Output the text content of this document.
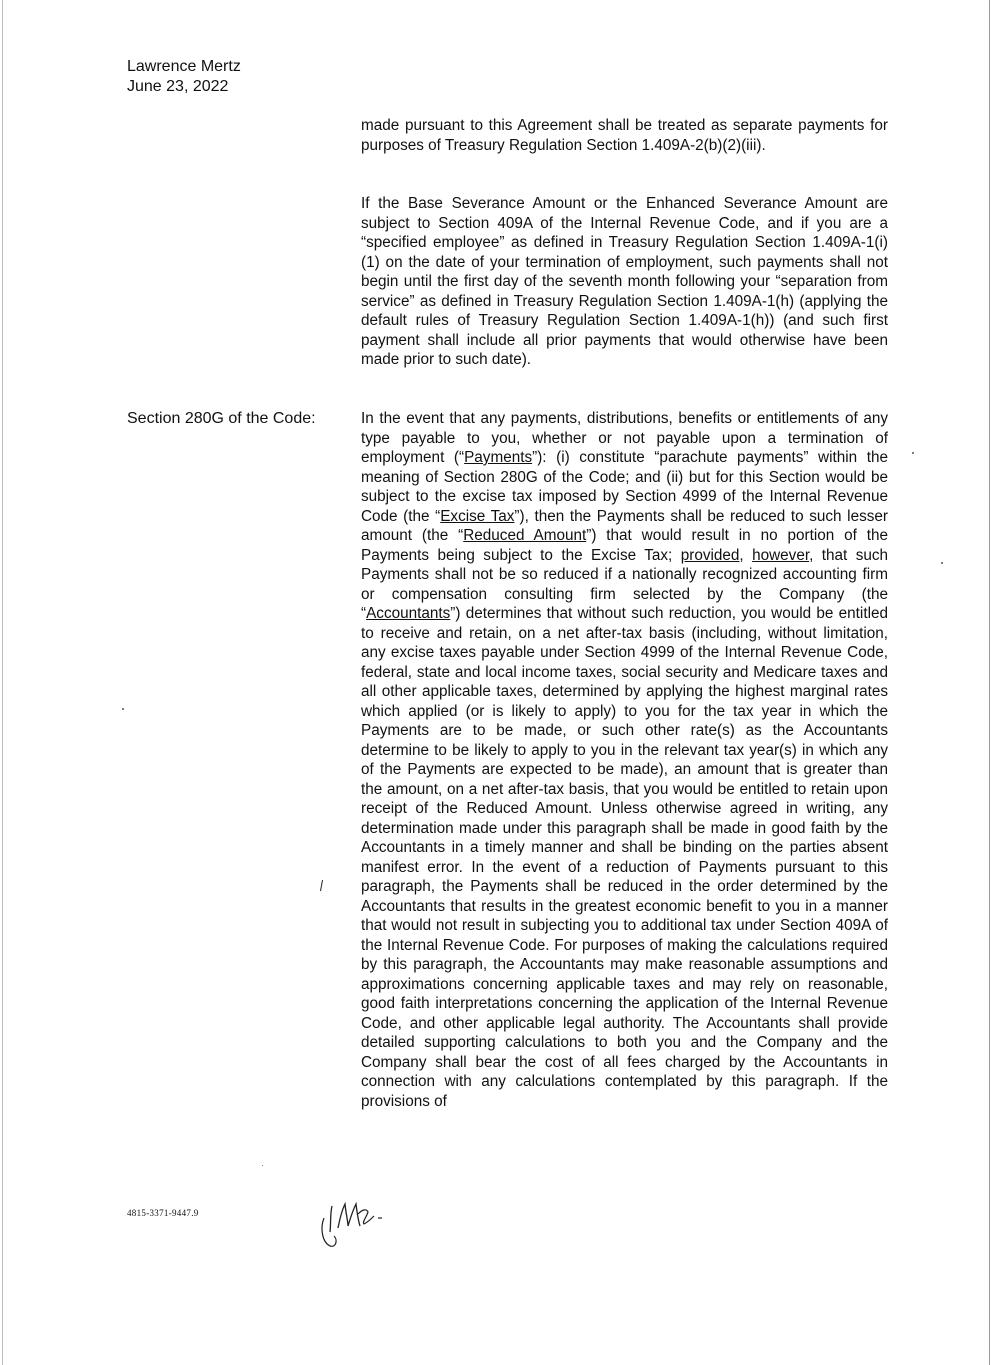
Lawrence Mertz
June 23, 2022

made pursuant to this Agreement shall be treated as separate payments for purposes of Treasury Regulation Section 1.409A-2(b)(2)(iii).

If the Base Severance Amount or the Enhanced Severance Amount are subject to Section 409A of the Internal Revenue Code, and if you are a “specified employee” as defined in Treasury Regulation Section 1.409A-1(i)(1) on the date of your termination of employment, such payments shall not begin until the first day of the seventh month following your “separation from service” as defined in Treasury Regulation Section 1.409A-1(h) (applying the default rules of Treasury Regulation Section 1.409A-1(h)) (and such first payment shall include all prior payments that would otherwise have been made prior to such date).

Section 280G of the Code:	In the event that any payments, distributions, benefits or entitlements of any type payable to you, whether or not payable upon a termination of employment (“Payments”): (i) constitute “parachute payments” within the meaning of Section 280G of the Code; and (ii) but for this Section would be subject to the excise tax imposed by Section 4999 of the Internal Revenue Code (the “Excise Tax”), then the Payments shall be reduced to such lesser amount (the “Reduced Amount”) that would result in no portion of the Payments being subject to the Excise Tax; provided, however, that such Payments shall not be so reduced if a nationally recognized accounting firm or compensation consulting firm selected by the Company (the “Accountants”) determines that without such reduction, you would be entitled to receive and retain, on a net after-tax basis (including, without limitation, any excise taxes payable under Section 4999 of the Internal Revenue Code, federal, state and local income taxes, social security and Medicare taxes and all other applicable taxes, determined by applying the highest marginal rates which applied (or is likely to apply) to you for the tax year in which the Payments are to be made, or such other rate(s) as the Accountants determine to be likely to apply to you in the relevant tax year(s) in which any of the Payments are expected to be made), an amount that is greater than the amount, on a net after-tax basis, that you would be entitled to retain upon receipt of the Reduced Amount. Unless otherwise agreed in writing, any determination made under this paragraph shall be made in good faith by the Accountants in a timely manner and shall be binding on the parties absent manifest error. In the event of a reduction of Payments pursuant to this paragraph, the Payments shall be reduced in the order determined by the Accountants that results in the greatest economic benefit to you in a manner that would not result in subjecting you to additional tax under Section 409A of the Internal Revenue Code. For purposes of making the calculations required by this paragraph, the Accountants may make reasonable assumptions and approximations concerning applicable taxes and may rely on reasonable, good faith interpretations concerning the application of the Internal Revenue Code, and other applicable legal authority. The Accountants shall provide detailed supporting calculations to both you and the Company and the Company shall bear the cost of all fees charged by the Accountants in connection with any calculations contemplated by this paragraph. If the provisions of

4815-3371-9447.9
